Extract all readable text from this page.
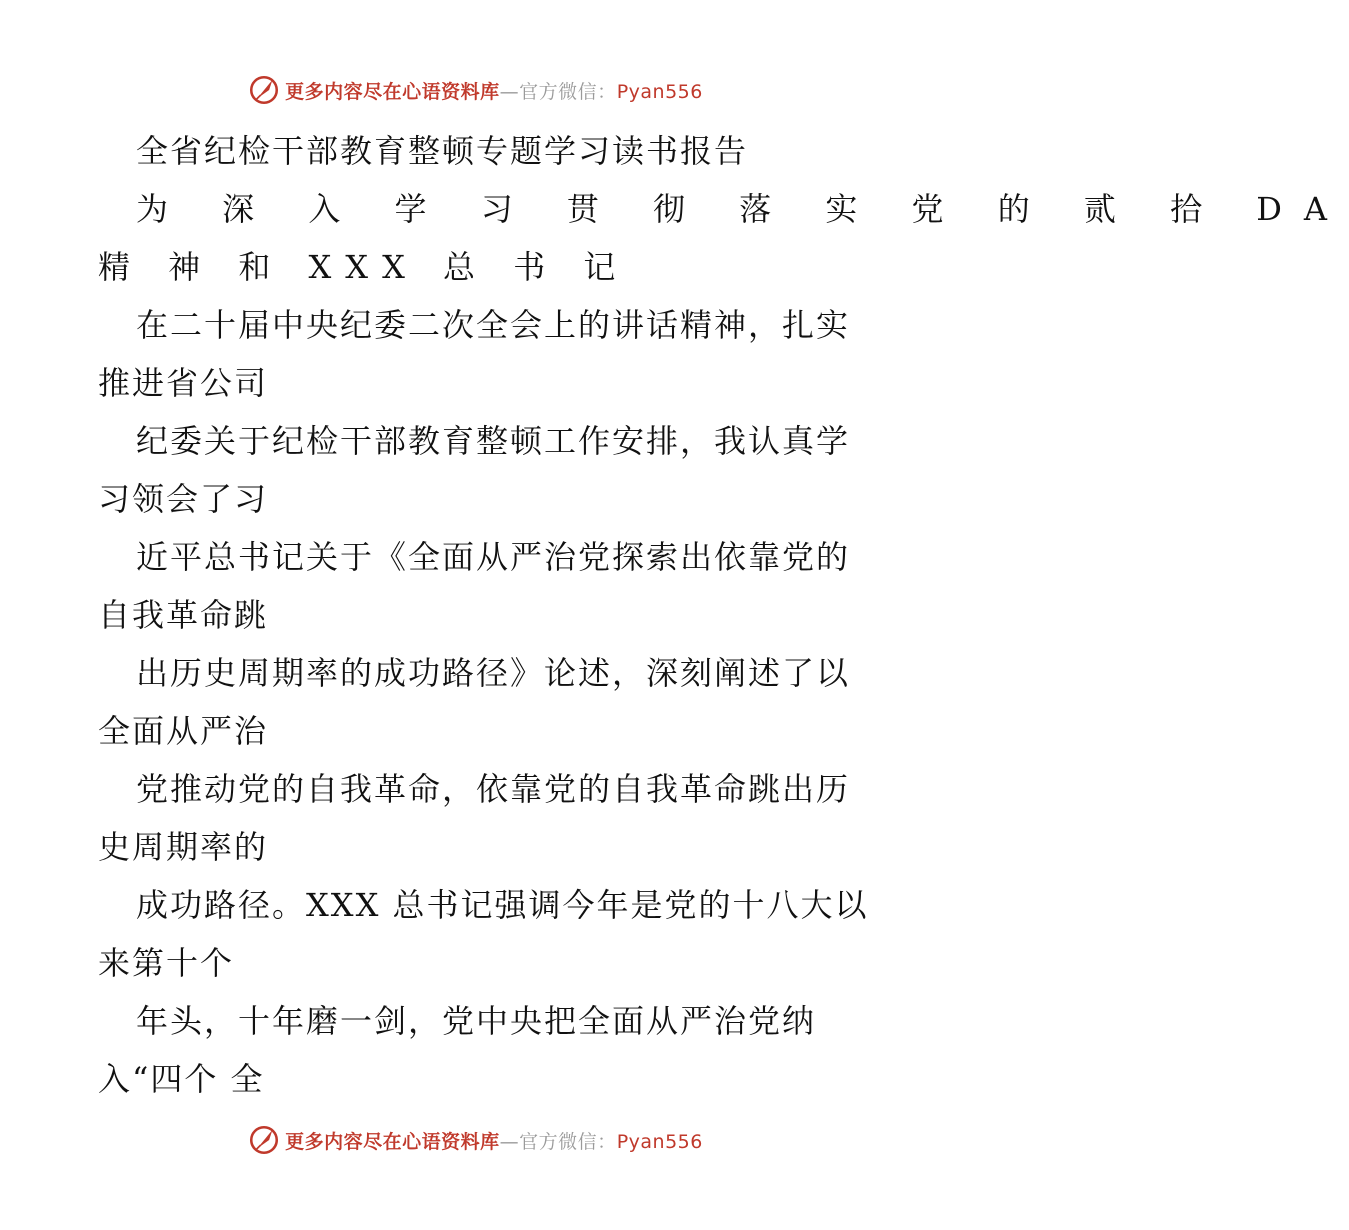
更多内容尽在心语资料库—官方微信：Pyan556
全省纪检干部教育整顿专题学习读书报告
为 深 入 学 习 贯 彻 落 实 党 的 贰 拾 DA
精 神 和 XXX 总 书 记
在二十届中央纪委二次全会上的讲话精神，扎实
推进省公司
纪委关于纪检干部教育整顿工作安排，我认真学
习领会了习
近平总书记关于《全面从严治党探索出依靠党的
自我革命跳
出历史周期率的成功路径》论述，深刻阐述了以
全面从严治
党推动党的自我革命，依靠党的自我革命跳出历
史周期率的
成功路径。XXX 总书记强调今年是党的十八大以
来第十个
年头，十年磨一剑，党中央把全面从严治党纳
入“四个 全
更多内容尽在心语资料库—官方微信：Pyan556
